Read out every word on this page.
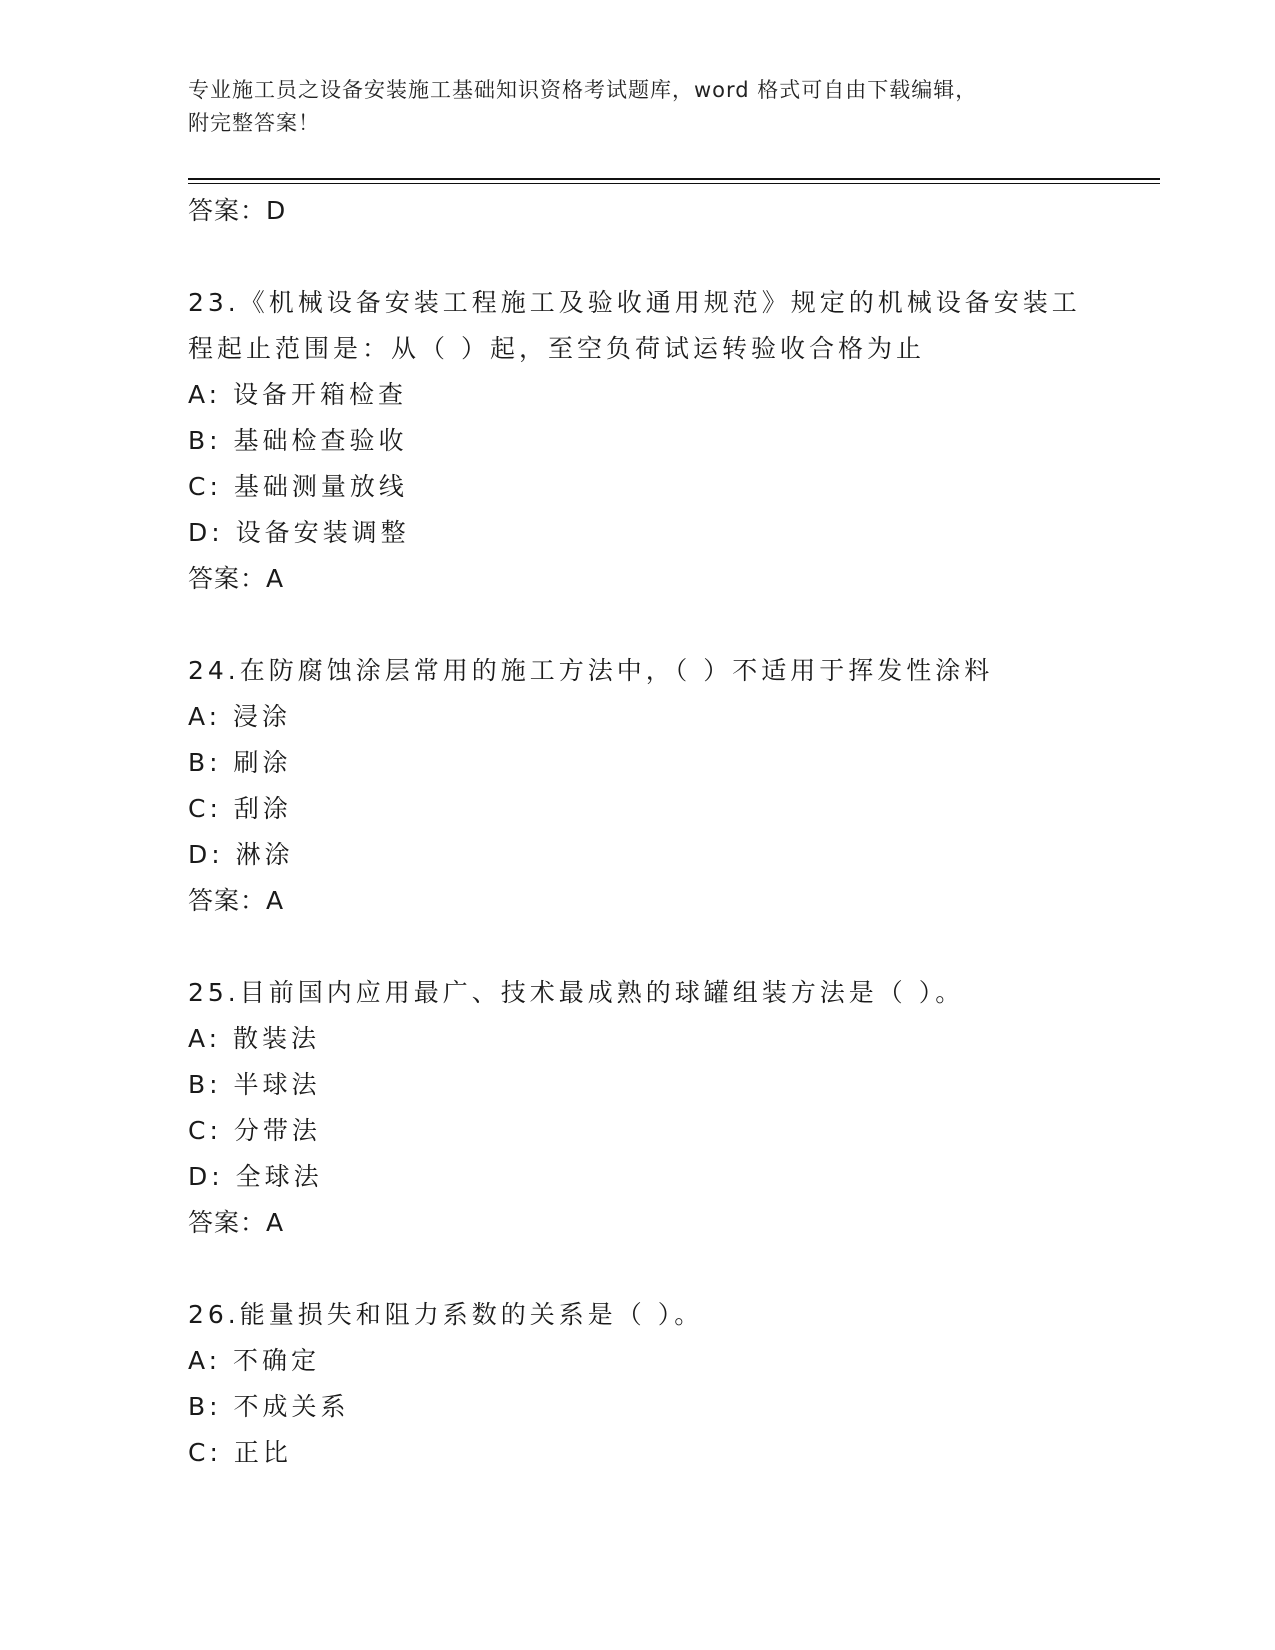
专业施工员之设备安装施工基础知识资格考试题库，word 格式可自由下载编辑，
附完整答案！
答案：D
23.《机械设备安装工程施工及验收通用规范》规定的机械设备安装工
程起止范围是：从（ ）起，至空负荷试运转验收合格为止
A: 设备开箱检查
B: 基础检查验收
C: 基础测量放线
D: 设备安装调整
答案：A
24.在防腐蚀涂层常用的施工方法中，（ ）不适用于挥发性涂料
A: 浸涂
B: 刷涂
C: 刮涂
D: 淋涂
答案：A
25.目前国内应用最广、技术最成熟的球罐组装方法是（ ）。
A: 散装法
B: 半球法
C: 分带法
D: 全球法
答案：A
26.能量损失和阻力系数的关系是（ ）。
A: 不确定
B: 不成关系
C: 正比
